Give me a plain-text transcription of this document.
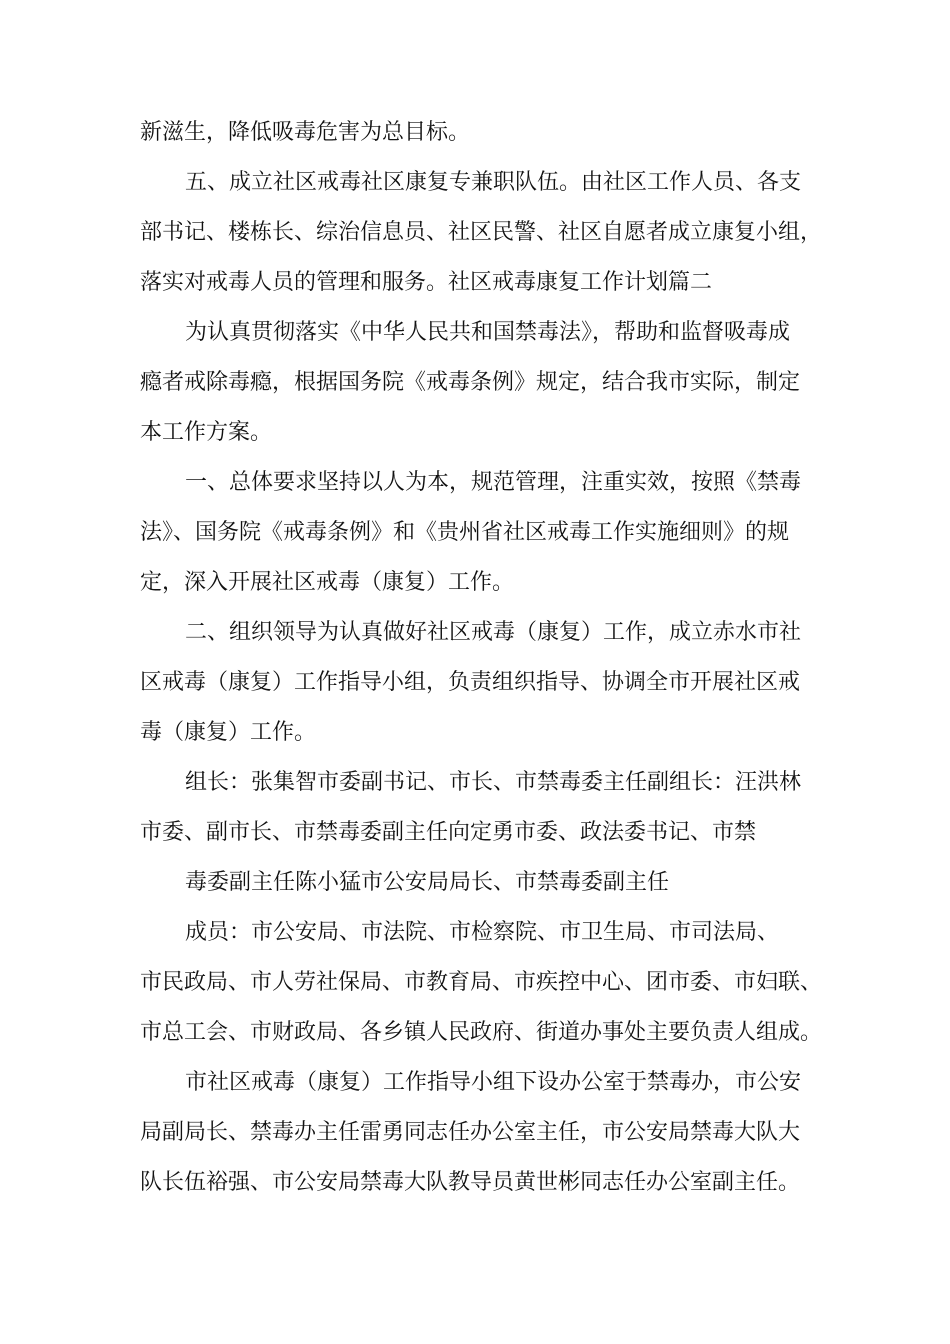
新滋生，降低吸毒危害为总目标。

五、成立社区戒毒社区康复专兼职队伍。由社区工作人员、各支

部书记、楼栋长、综治信息员、社区民警、社区自愿者成立康复小组，

落实对戒毒人员的管理和服务。社区戒毒康复工作计划篇二

为认真贯彻落实《中华人民共和国禁毒法》，帮助和监督吸毒成

瘾者戒除毒瘾，根据国务院《戒毒条例》规定，结合我市实际，制定

本工作方案。

一、总体要求坚持以人为本，规范管理，注重实效，按照《禁毒

法》、国务院《戒毒条例》和《贵州省社区戒毒工作实施细则》的规

定，深入开展社区戒毒（康复）工作。

二、组织领导为认真做好社区戒毒（康复）工作，成立赤水市社

区戒毒（康复）工作指导小组，负责组织指导、协调全市开展社区戒

毒（康复）工作。

组长：张集智市委副书记、市长、市禁毒委主任副组长：汪洪林

市委、副市长、市禁毒委副主任向定勇市委、政法委书记、市禁

毒委副主任陈小猛市公安局局长、市禁毒委副主任

成员：市公安局、市法院、市检察院、市卫生局、市司法局、

市民政局、市人劳社保局、市教育局、市疾控中心、团市委、市妇联、

市总工会、市财政局、各乡镇人民政府、街道办事处主要负责人组成。

市社区戒毒（康复）工作指导小组下设办公室于禁毒办，市公安

局副局长、禁毒办主任雷勇同志任办公室主任，市公安局禁毒大队大

队长伍裕强、市公安局禁毒大队教导员黄世彬同志任办公室副主任。
